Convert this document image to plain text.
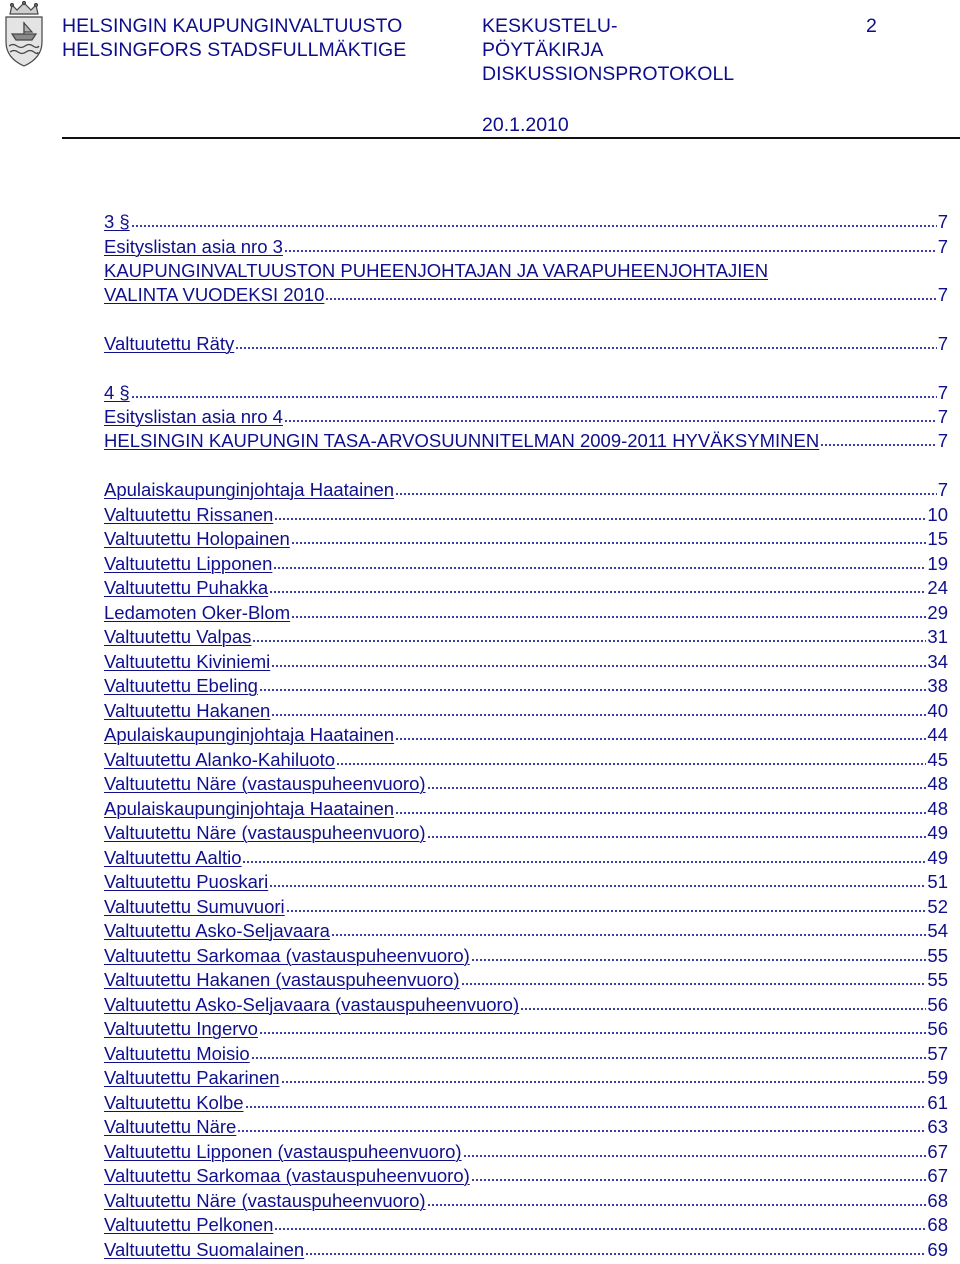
HELSINGIN KAUPUNGINVALTUUSTO
HELSINGFORS STADSFULLMÄKTIGE
KESKUSTELU-
PÖYTÄKIRJA
DISKUSSIONSPROTOKOLL
2
20.1.2010
3 §	7
Esityslistan asia nro 3	7
KAUPUNGINVALTUUSTON PUHEENJOHTAJAN JA VARAPUHEENJOHTAJIEN
VALINTA VUODEKSI 2010	7
Valtuutettu Räty	7
4 §	7
Esityslistan asia nro 4	7
HELSINGIN KAUPUNGIN TASA-ARVOSUUNNITELMAN 2009-2011 HYVÄKSYMINEN	7
Apulaiskaupunginjohtaja Haatainen	7
Valtuutettu Rissanen	10
Valtuutettu Holopainen	15
Valtuutettu Lipponen	19
Valtuutettu Puhakka	24
Ledamoten Oker-Blom	29
Valtuutettu Valpas	31
Valtuutettu Kiviniemi	34
Valtuutettu Ebeling	38
Valtuutettu Hakanen	40
Apulaiskaupunginjohtaja Haatainen	44
Valtuutettu Alanko-Kahiluoto	45
Valtuutettu Näre (vastauspuheenvuoro)	48
Apulaiskaupunginjohtaja Haatainen	48
Valtuutettu Näre (vastauspuheenvuoro)	49
Valtuutettu Aaltio	49
Valtuutettu Puoskari	51
Valtuutettu Sumuvuori	52
Valtuutettu Asko-Seljavaara	54
Valtuutettu Sarkomaa (vastauspuheenvuoro)	55
Valtuutettu Hakanen (vastauspuheenvuoro)	55
Valtuutettu Asko-Seljavaara (vastauspuheenvuoro)	56
Valtuutettu Ingervo	56
Valtuutettu Moisio	57
Valtuutettu Pakarinen	59
Valtuutettu Kolbe	61
Valtuutettu Näre	63
Valtuutettu Lipponen (vastauspuheenvuoro)	67
Valtuutettu Sarkomaa (vastauspuheenvuoro)	67
Valtuutettu Näre (vastauspuheenvuoro)	68
Valtuutettu Pelkonen	68
Valtuutettu Suomalainen	69
